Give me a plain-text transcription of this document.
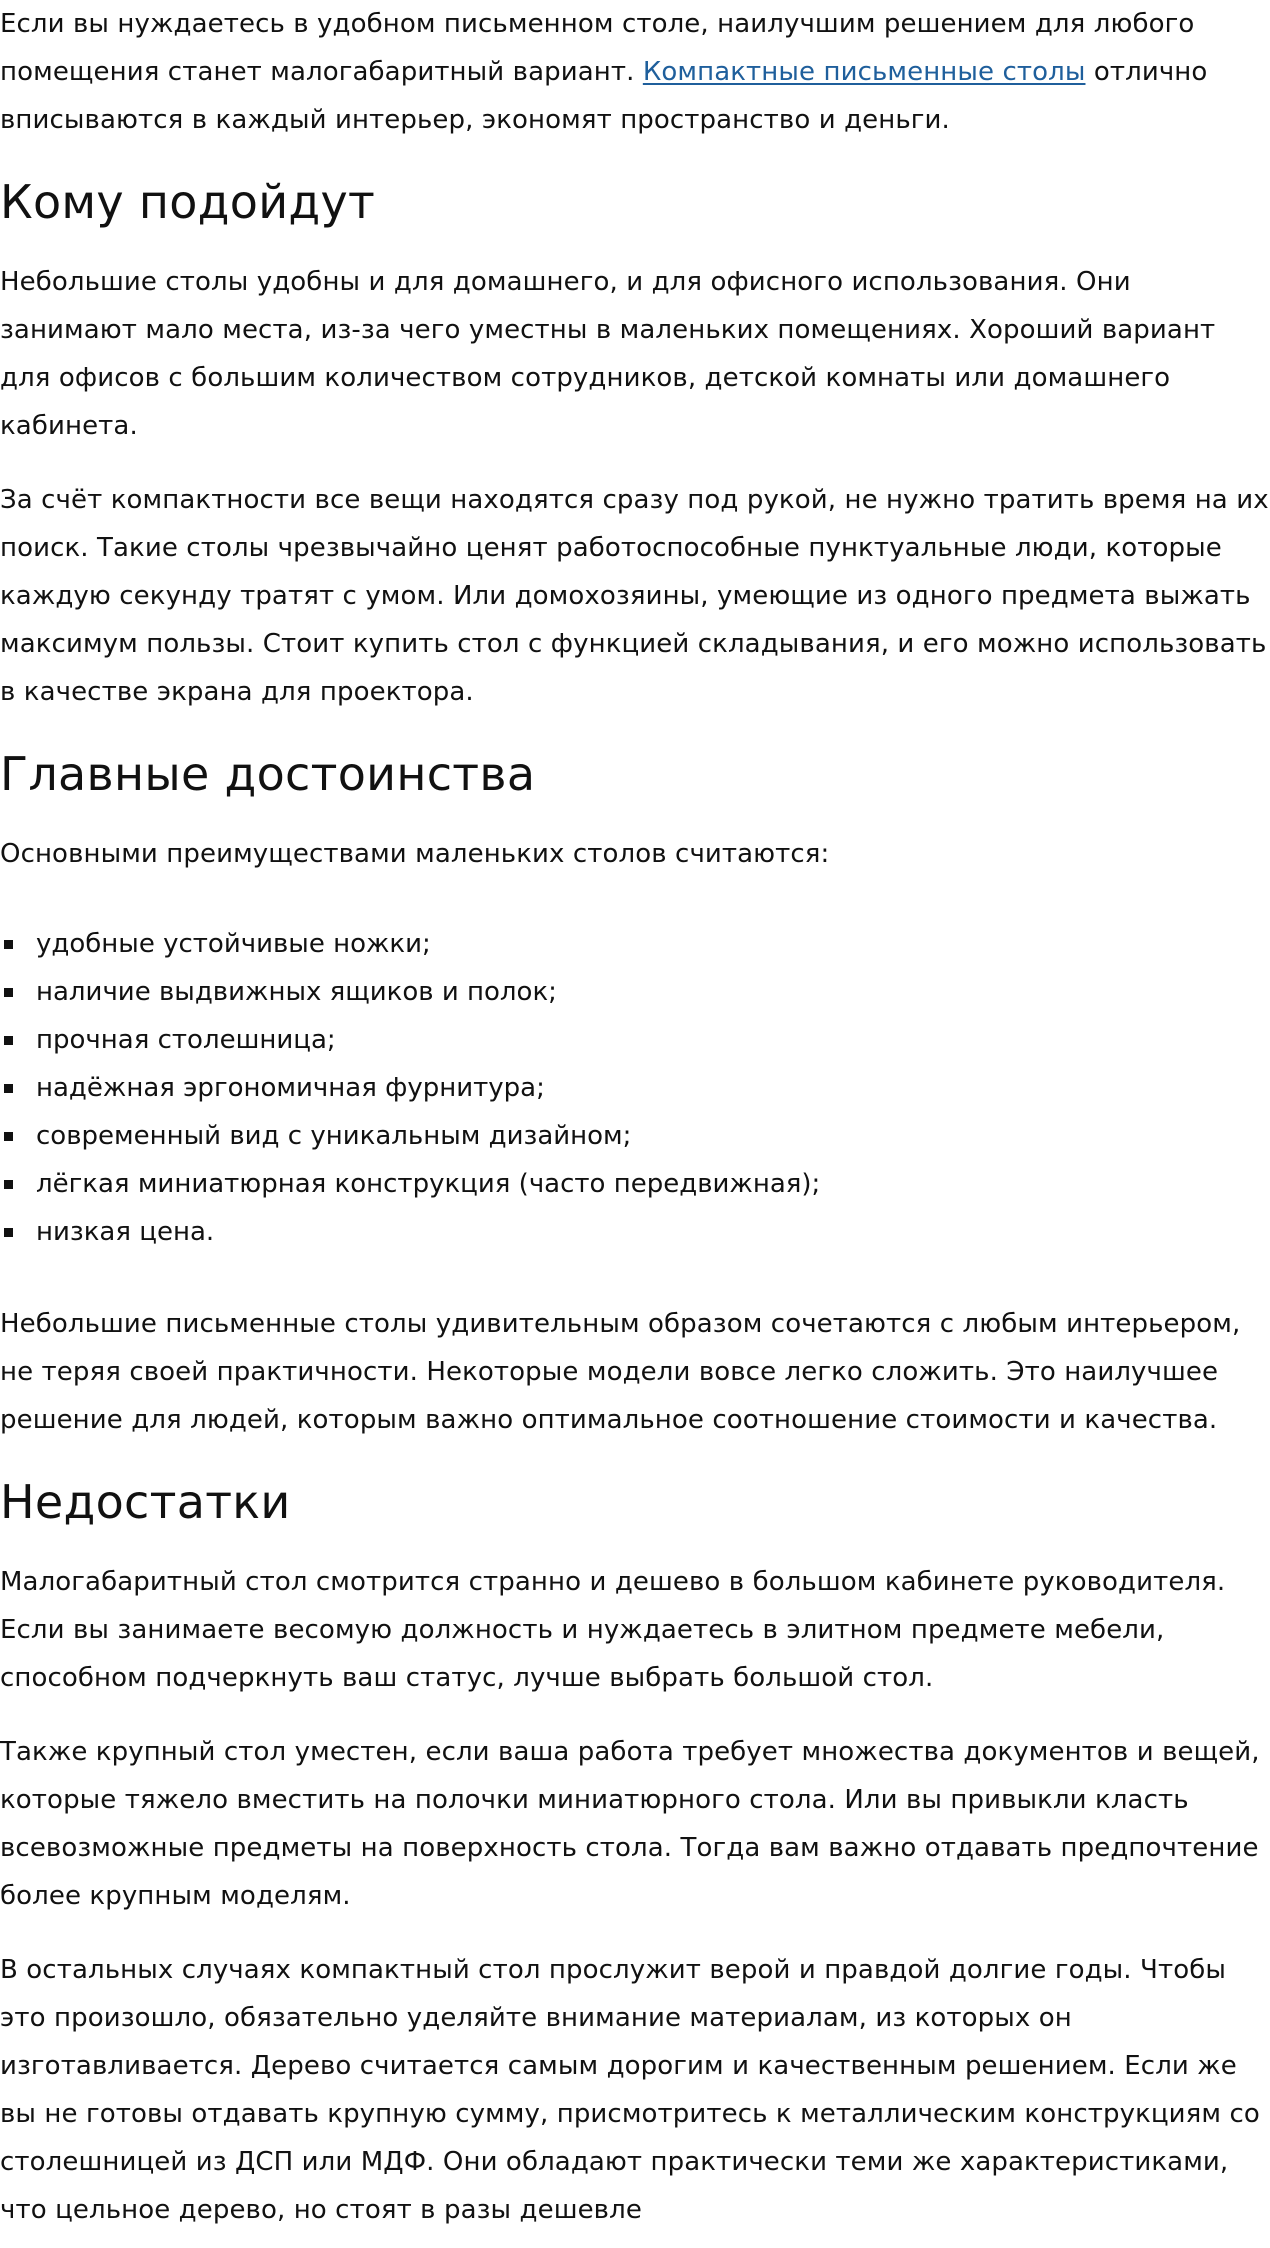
Если вы нуждаетесь в удобном письменном столе, наилучшим решением для любого помещения станет малогабаритный вариант. Компактные письменные столы отлично вписываются в каждый интерьер, экономят пространство и деньги.

Кому подойдут

Небольшие столы удобны и для домашнего, и для офисного использования. Они занимают мало места, из-за чего уместны в маленьких помещениях. Хороший вариант для офисов с большим количеством сотрудников, детской комнаты или домашнего кабинета.

За счёт компактности все вещи находятся сразу под рукой, не нужно тратить время на их поиск. Такие столы чрезвычайно ценят работоспособные пунктуальные люди, которые каждую секунду тратят с умом. Или домохозяины, умеющие из одного предмета выжать максимум пользы. Стоит купить стол с функцией складывания, и его можно использовать в качестве экрана для проектора.

Главные достоинства

Основными преимуществами маленьких столов считаются:

удобные устойчивые ножки;
наличие выдвижных ящиков и полок;
прочная столешница;
надёжная эргономичная фурнитура;
современный вид с уникальным дизайном;
лёгкая миниатюрная конструкция (часто передвижная);
низкая цена.

Небольшие письменные столы удивительным образом сочетаются с любым интерьером, не теряя своей практичности. Некоторые модели вовсе легко сложить. Это наилучшее решение для людей, которым важно оптимальное соотношение стоимости и качества.

Недостатки

Малогабаритный стол смотрится странно и дешево в большом кабинете руководителя. Если вы занимаете весомую должность и нуждаетесь в элитном предмете мебели, способном подчеркнуть ваш статус, лучше выбрать большой стол.

Также крупный стол уместен, если ваша работа требует множества документов и вещей, которые тяжело вместить на полочки миниатюрного стола. Или вы привыкли класть всевозможные предметы на поверхность стола. Тогда вам важно отдавать предпочтение более крупным моделям.

В остальных случаях компактный стол прослужит верой и правдой долгие годы. Чтобы это произошло, обязательно уделяйте внимание материалам, из которых он изготавливается. Дерево считается самым дорогим и качественным решением. Если же вы не готовы отдавать крупную сумму, присмотритесь к металлическим конструкциям со столешницей из ДСП или МДФ. Они обладают практически теми же характеристиками, что цельное дерево, но стоят в разы дешевле
